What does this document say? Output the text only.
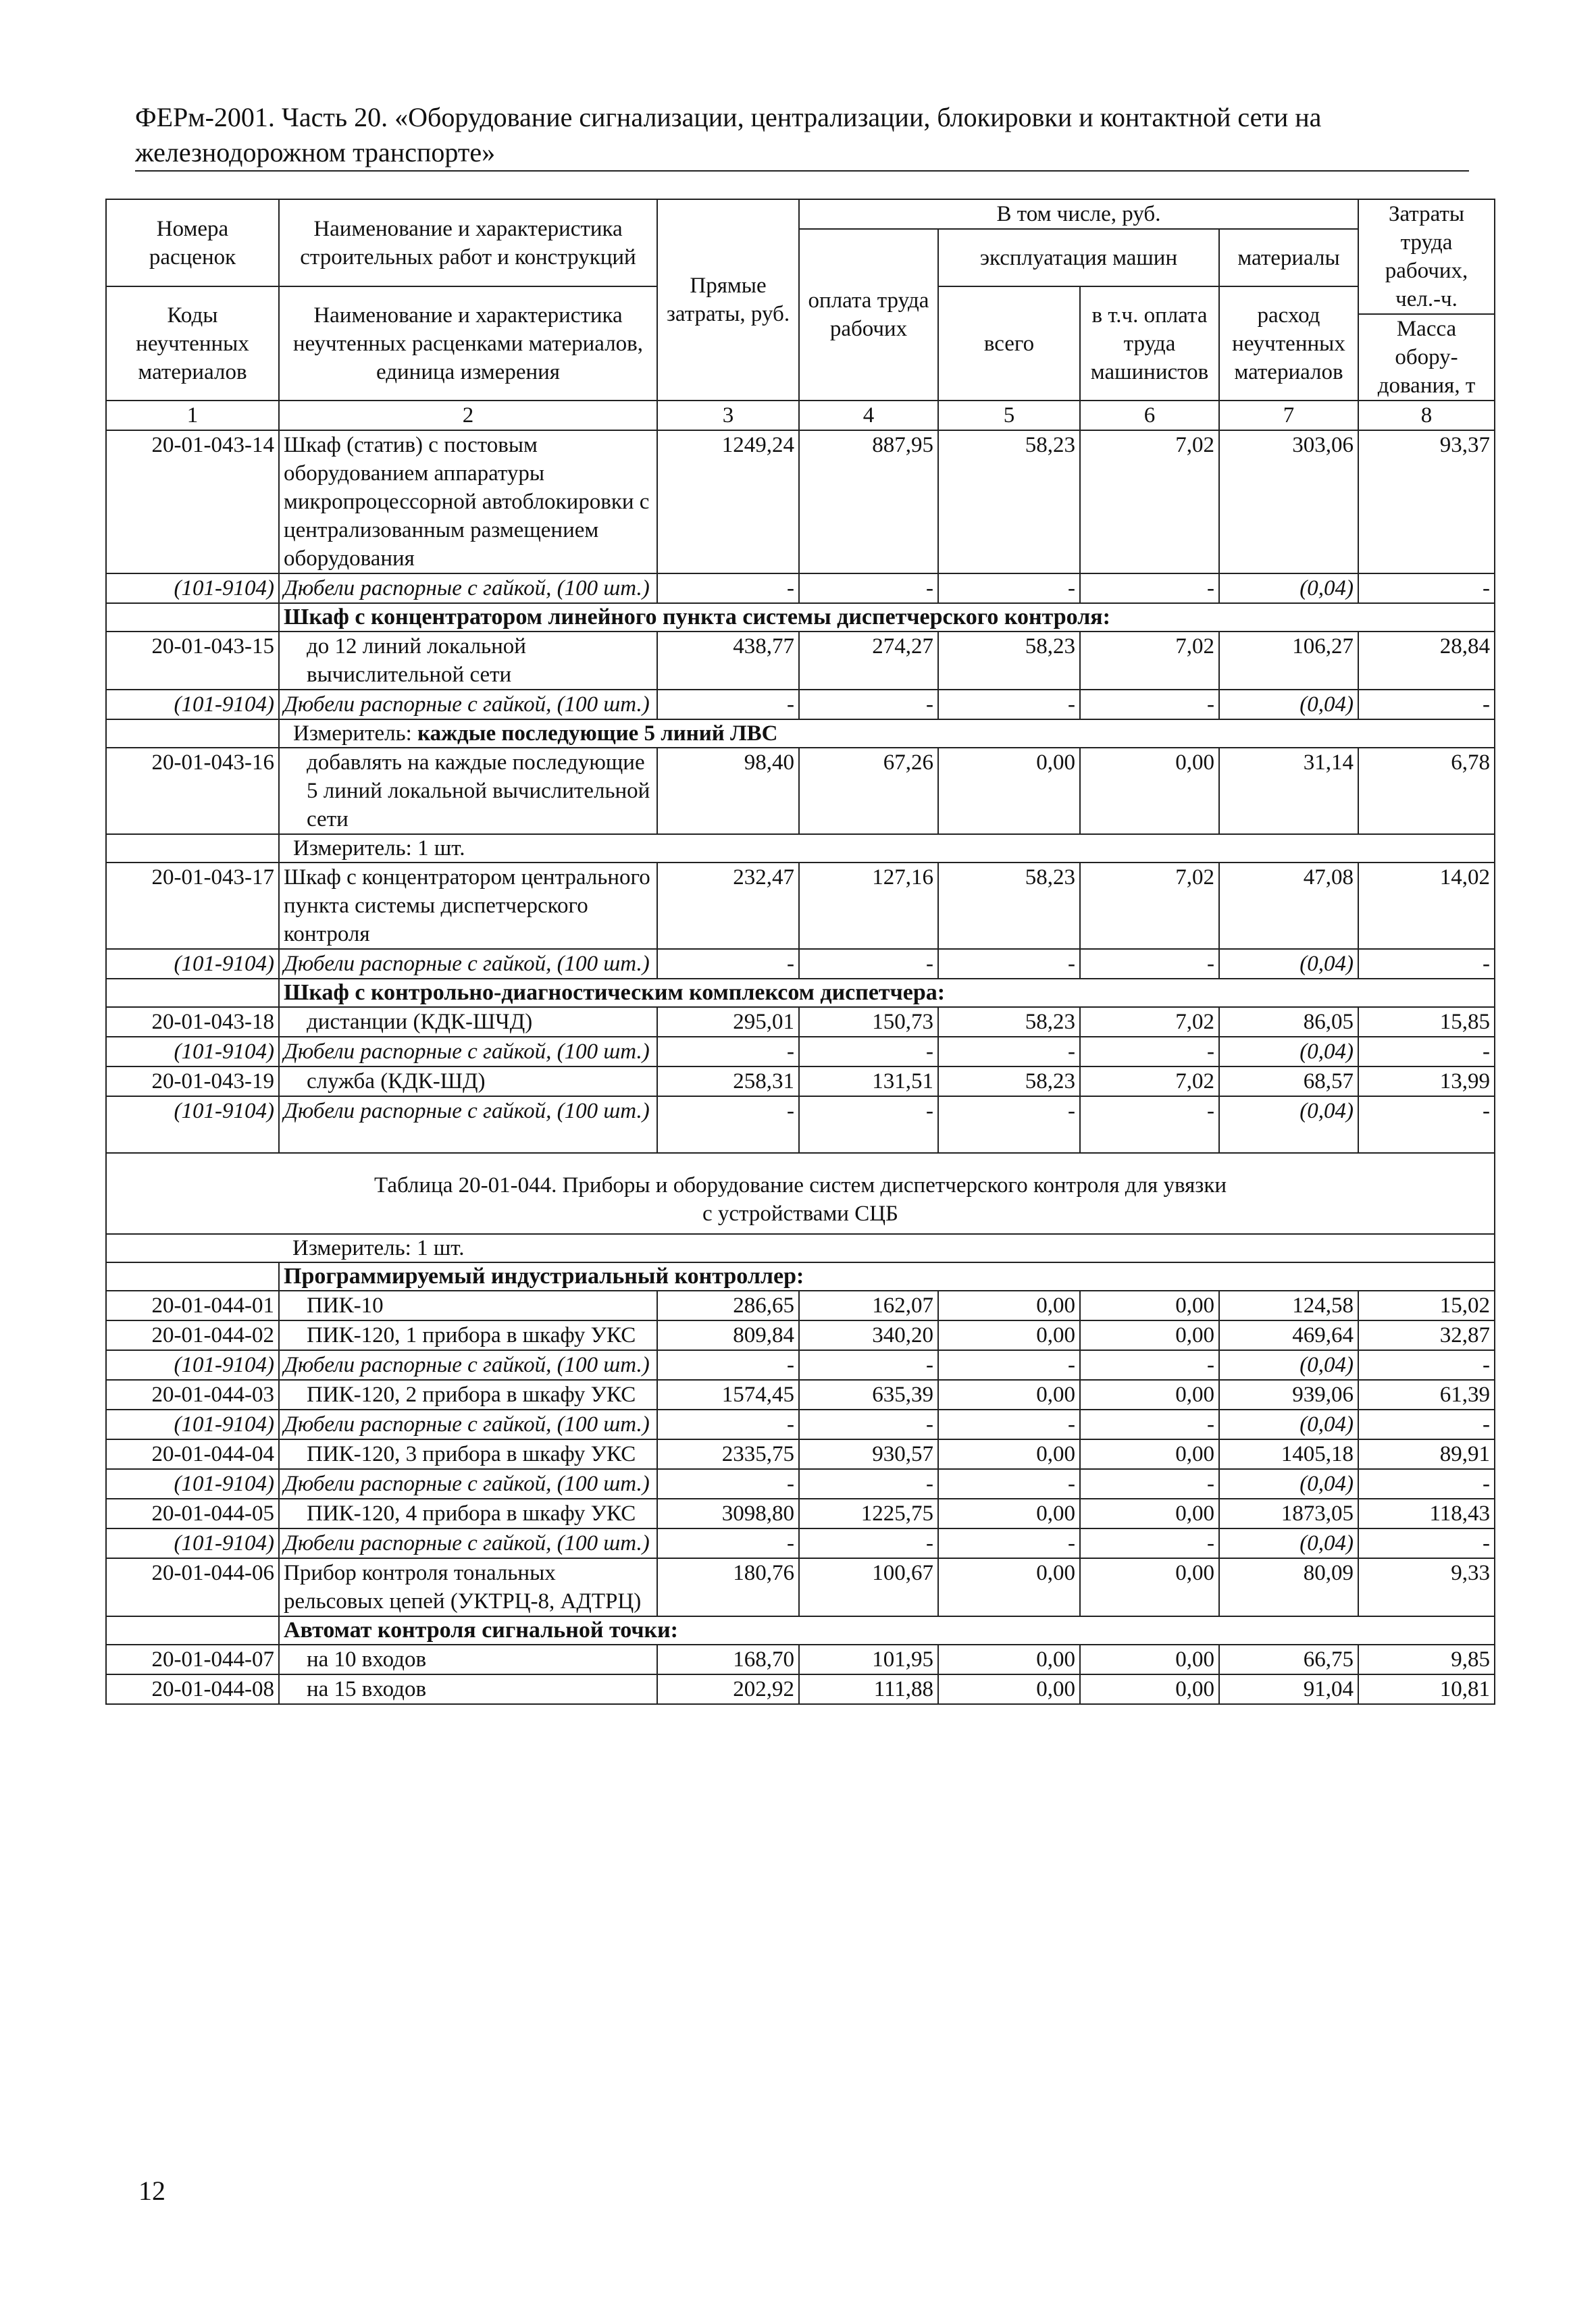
ФЕРм-2001. Часть 20. «Оборудование сигнализации, централизации, блокировки и контактной сети на
железнодорожном транспорте»
Номера расценок	Наименование и характеристика строительных работ и конструкций	Прямые затраты, руб.	В том числе, руб.				Затраты труда рабочих, чел.-ч.
			оплата труда рабочих	эксплуатация машин		материалы	
Коды неучтенных материалов	Наименование и характеристика неучтенных расценками материалов, единица измерения			всего	в т.ч. оплата труда машинистов	расход неучтенных материалов	
							Масса обору-дования, т
1	2	3	4	5	6	7	8
20-01-043-14	Шкаф (статив) с постовым оборудованием аппаратуры микропроцессорной автоблокировки с централизованным размещением оборудования	1249,24	887,95	58,23	7,02	303,06	93,37
(101-9104)	Дюбели распорные с гайкой, (100 шт.)	-	-	-	-	(0,04)	-
	Шкаф с концентратором линейного пункта системы диспетчерского контроля:						
20-01-043-15	до 12 линий локальной вычислительной сети	438,77	274,27	58,23	7,02	106,27	28,84
(101-9104)	Дюбели распорные с гайкой, (100 шт.)	-	-	-	-	(0,04)	-
	Измеритель: каждые последующие 5 линий ЛВС						
20-01-043-16	добавлять на каждые последующие 5 линий локальной вычислительной сети	98,40	67,26	0,00	0,00	31,14	6,78
	Измеритель: 1 шт.						
20-01-043-17	Шкаф с концентратором центрального пункта системы диспетчерского контроля	232,47	127,16	58,23	7,02	47,08	14,02
(101-9104)	Дюбели распорные с гайкой, (100 шт.)	-	-	-	-	(0,04)	-
	Шкаф с контрольно-диагностическим комплексом диспетчера:						
20-01-043-18	дистанции (КДК-ШЧД)	295,01	150,73	58,23	7,02	86,05	15,85
(101-9104)	Дюбели распорные с гайкой, (100 шт.)	-	-	-	-	(0,04)	-
20-01-043-19	служба (КДК-ШД)	258,31	131,51	58,23	7,02	68,57	13,99
(101-9104)	Дюбели распорные с гайкой, (100 шт.)	-	-	-	-	(0,04)	-

Таблица 20-01-044. Приборы и оборудование систем диспетчерского контроля для увязки
с устройствами СЦБ							

	Измеритель: 1 шт.						
	Программируемый индустриальный контроллер:						
20-01-044-01	ПИК-10	286,65	162,07	0,00	0,00	124,58	15,02
20-01-044-02	ПИК-120, 1 прибора в шкафу УКС	809,84	340,20	0,00	0,00	469,64	32,87
(101-9104)	Дюбели распорные с гайкой, (100 шт.)	-	-	-	-	(0,04)	-
20-01-044-03	ПИК-120, 2 прибора в шкафу УКС	1574,45	635,39	0,00	0,00	939,06	61,39
(101-9104)	Дюбели распорные с гайкой, (100 шт.)	-	-	-	-	(0,04)	-
20-01-044-04	ПИК-120, 3 прибора в шкафу УКС	2335,75	930,57	0,00	0,00	1405,18	89,91
(101-9104)	Дюбели распорные с гайкой, (100 шт.)	-	-	-	-	(0,04)	-
20-01-044-05	ПИК-120, 4 прибора в шкафу УКС	3098,80	1225,75	0,00	0,00	1873,05	118,43
(101-9104)	Дюбели распорные с гайкой, (100 шт.)	-	-	-	-	(0,04)	-
20-01-044-06	Прибор контроля тональных рельсовых цепей (УКТРЦ-8, АДТРЦ)	180,76	100,67	0,00	0,00	80,09	9,33
	Автомат контроля сигнальной точки:						
20-01-044-07	на 10 входов	168,70	101,95	0,00	0,00	66,75	9,85
20-01-044-08	на 15 входов	202,92	111,88	0,00	0,00	91,04	10,81
12
